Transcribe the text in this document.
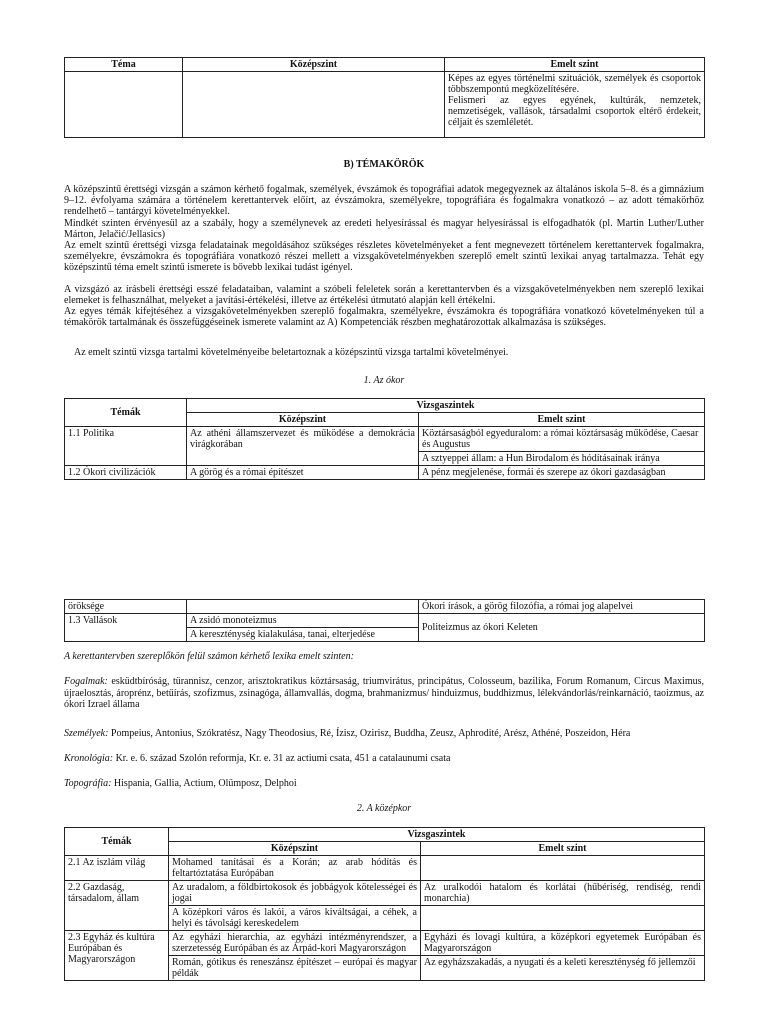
Téma	Középszint	Emelt szint

		Képes az egyes történelmi szituációk, személyek és csoportok többszempontú megközelítésére.
Felismeri az egyes egyének, kultúrák, nemzetek, nemzetiségek, vallások, társadalmi csoportok eltérő érdekeit, céljait és szemléletét.
B) TÉMAKÖRÖK
A középszintű érettségi vizsgán a számon kérhető fogalmak, személyek, évszámok és topográfiai adatok megegyeznek az általános iskola 5–8. és a gimnázium 9–12. évfolyama számára a történelem kerettantervek előírt, az évszámokra, személyekre, topográfiára és fogalmakra vonatkozó – az adott témakörhöz rendelhető – tantárgyi követelményekkel.
Mindkét szinten érvényesül az a szabály, hogy a személynevek az eredeti helyesírással és magyar helyesírással is elfogadhatók (pl. Martin Luther/Luther Márton, Jelačić/Jellasics)
Az emelt szintű érettségi vizsga feladatainak megoldásához szükséges részletes követelményeket a fent megnevezett történelem kerettantervek fogalmakra, személyekre, évszámokra és topográfiára vonatkozó részei mellett a vizsgakövetelményekben szereplő emelt szintű lexikai anyag tartalmazza. Tehát egy középszintű téma emelt szintű ismerete is bővebb lexikai tudást igényel.
A vizsgázó az írásbeli érettségi esszé feladataiban, valamint a szóbeli feleletek során a kerettantervben és a vizsgakövetelményekben nem szereplő lexikai elemeket is felhasználhat, melyeket a javítási-értékelési, illetve az értékelési útmutató alapján kell értékelni.
Az egyes témák kifejtéséhez a vizsgakövetelményekben szereplő fogalmakra, személyekre, évszámokra és topográfiára vonatkozó követelményeken túl a témakörök tartalmának és összefüggéseinek ismerete valamint az A) Kompetenciák részben meghatározottak alkalmazása is szükséges.
Az emelt szintű vizsga tartalmi követelményeibe beletartoznak a középszintű vizsga tartalmi követelményei.
1. Az ókor
Témák	Vizsgaszintek	
	Középszint	Emelt szint
1.1 Politika	Az athéni államszervezet és működése a demokrácia virágkorában	Köztársaságból egyeduralom: a római köztársaság működése, Caesar és Augustus
		A sztyeppei állam: a Hun Birodalom és hódításainak iránya
1.2 Ókori civilizációk	A görög és a római építészet	A pénz megjelenése, formái és szerepe az ókori gazdaságban
öröksége		Ókori írások, a görög filozófia, a római jog alapelvei
1.3 Vallások	A zsidó monoteizmus	Politeizmus az ókori Keleten
	A kereszténység kialakulása, tanai, elterjedése	
A kerettantervben szereplőkön felül számon kérhető lexika emelt szinten:
Fogalmak: esküdtbíróság, türannisz, cenzor, arisztokratikus köztársaság, triumvirátus, principátus, Colosseum, bazilika, Forum Romanum, Circus Maximus, újraelosztás, ároprénz, betűírás, szofizmus, zsinagóga, államvallás, dogma, brahmanizmus/ hinduizmus, buddhizmus, lélekvándorlás/reinkarnáció, taoizmus, az ókori Izrael állama
Személyek: Pompeius, Antonius, Szókratész, Nagy Theodosius, Ré, Ízisz, Ozirisz, Buddha, Zeusz, Aphrodité, Arész, Athéné, Poszeidon, Héra
Kronológia: Kr. e. 6. század Szolón reformja, Kr. e. 31 az actiumi csata, 451 a catalaunumi csata
Topográfia: Hispania, Gallia, Actium, Olümposz, Delphoi
2. A középkor
Témák	Vizsgaszintek	
	Középszint	Emelt szint
2.1 Az iszlám világ	Mohamed tanításai és a Korán; az arab hódítás és feltartóztatása Európában	
2.2 Gazdaság, társadalom, állam	Az uradalom, a földbirtokosok és jobbágyok kötelességei és jogai	Az uralkodói hatalom és korlátai (hűbériség, rendiség, rendi monarchia)
	A középkori város és lakói, a város kiváltságai, a céhek, a helyi és távolsági kereskedelem	
2.3 Egyház és kultúra Európában és Magyarországon	Az egyházi hierarchia, az egyházi intézményrendszer, a szerzetesség Európában és az Árpád-kori Magyarországon	Egyházi és lovagi kultúra, a középkori egyetemek Európában és Magyarországon
	Román, gótikus és reneszánsz építészet – európai és magyar példák	Az egyházszakadás, a nyugati és a keleti kereszténység fő jellemzői
